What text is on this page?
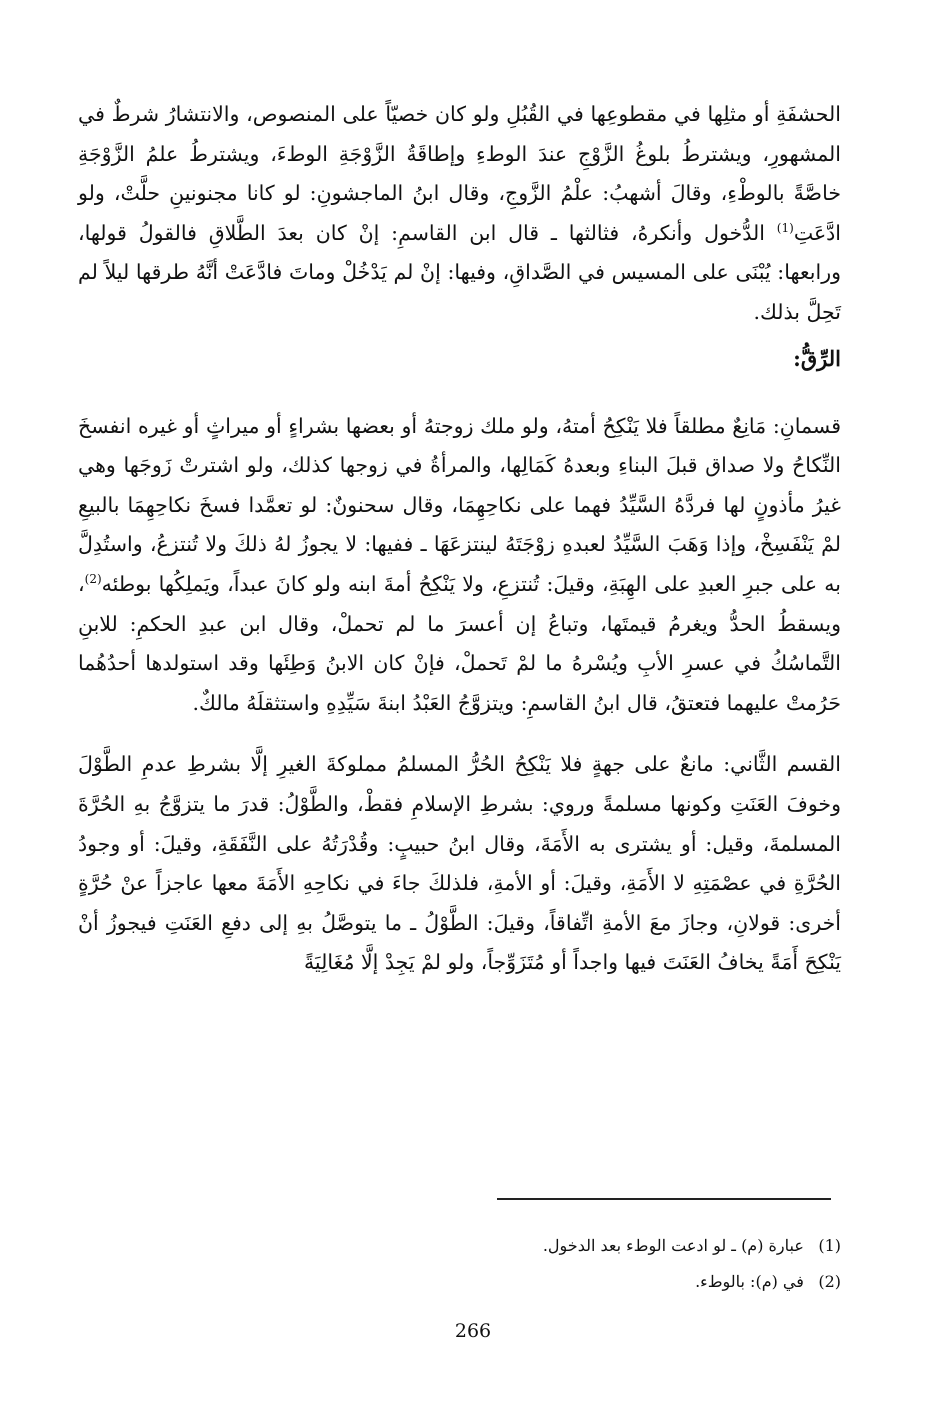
الحشفَةِ أو مثلِها في مقطوعِها في القُبُلِ ولو كان خصيّاً على المنصوص، والانتشارُ شرطٌ في المشهورِ، ويشترطُ بلوغُ الزَّوْجِ عندَ الوطءِ وإطاقَةُ الزَّوْجَةِ الوطءَ، ويشترطُ علمُ الزَّوْجَةِ خاصَّةً بالوطْءِ، وقالَ أشهبُ: علْمُ الزَّوجِ، وقال ابنُ الماجشونِ: لو كانا مجنونينِ حلَّتْ، ولو ادَّعَتِ$^{(1)}$ الدُّخول وأنكرهُ، فثالثها ـ قال ابن القاسمِ: إنْ كان بعدَ الطَّلاقِ فالقولُ قولها، ورابعها: يُبْنَى على المسيس في الصَّداقِ، وفيها: إنْ لم يَدْخُلْ وماتَ فادَّعَتْ أنَّهُ طرقها ليلاً لم تَحِلَّ بذلك.

الرِّقُّ:

قسمانِ: مَانِعٌ مطلقاً فلا يَنْكِحُ أمتهُ، ولو ملك زوجتهُ أو بعضها بشراءٍ أو ميراثٍ أو غيره انفسخَ النِّكاحُ ولا صداق قبلَ البناءِ وبعدهُ كَمَالِها، والمرأةُ في زوجها كذلك، ولو اشترتْ زَوجَها وهي غيرُ مأذونٍ لها فردَّهُ السَّيِّدُ فهما على نكاحِهِمَا، وقال سحنونٌ: لو تعمَّدا فسخَ نكاحِهِمَا بالبيعِ لمْ يَنْفَسِخْ، وإذا وَهَبَ السَّيِّدُ لعبدهِ زوْجَتَهُ لينتزعَهَا ـ ففيها: لا يجوزُ لهُ ذلكَ ولا تُنتزعُ، واستُدِلَّ به على جبرِ العبدِ على الهِبَةِ، وقيلَ: تُنتزعِ، ولا يَنْكِحُ أمةَ ابنه ولو كانَ عبداً، ويَملِكُها بوطئه$^{(2)}$، ويسقطُ الحدُّ ويغرمُ قيمتَها، وتباعُ إن أعسرَ ما لم تحملْ، وقال ابن عبدِ الحكمِ: للابنِ التَّماسُكُ في عسرِ الأبِ ويُسْرهُ ما لمْ تَحملْ، فإنْ كان الابنُ وَطِئَها وقد استولدها أحدُهُما حَرُمتْ عليهما فتعتقُ، قال ابنُ القاسمِ: ويتزوَّجُ العَبْدُ ابنةَ سَيِّدِهِ واستثقلَهُ مالكٌ.

القسم الثَّاني: مانعٌ على جهةٍ فلا يَنْكِحُ الحُرُّ المسلمُ مملوكةَ الغيرِ إلَّا بشرطِ عدمِ الطَّوْلَ وخوفَ العَنَتِ وكونها مسلمةً وروي: بشرطِ الإسلامِ فقطْ، والطَّوْلُ: قدرَ ما يتزوَّجُ بهِ الحُرَّةَ المسلمةَ، وقيل: أو يشترى به الأَمَةَ، وقال ابنُ حبيبٍ: وقُدْرَتُهُ على النَّفَقَةِ، وقيلَ: أو وجودُ الحُرَّةِ في عصْمَتِهِ لا الأَمَةِ، وقيلَ: أو الأمةِ، فلذلكَ جاءَ في نكاحِهِ الأَمَةَ معها عاجزاً عنْ حُرَّةٍ أخرى: قولانِ، وجازَ معَ الأمةِ اتِّفاقاً، وقيلَ: الطَّوْلُ ـ ما يتوصَّلُ بهِ إلى دفعِ العَنَتِ فيجوزُ أنْ يَنْكِحَ أَمَةً يخافُ العَنَتَ فيها واجداً أو مُتَزَوِّجاً، ولو لمْ يَجِدْ إلَّا مُغَالِيَةً

(1) عبارة (م) ـ لو ادعت الوطء بعد الدخول.

(2) في (م): بالوطء.

266
